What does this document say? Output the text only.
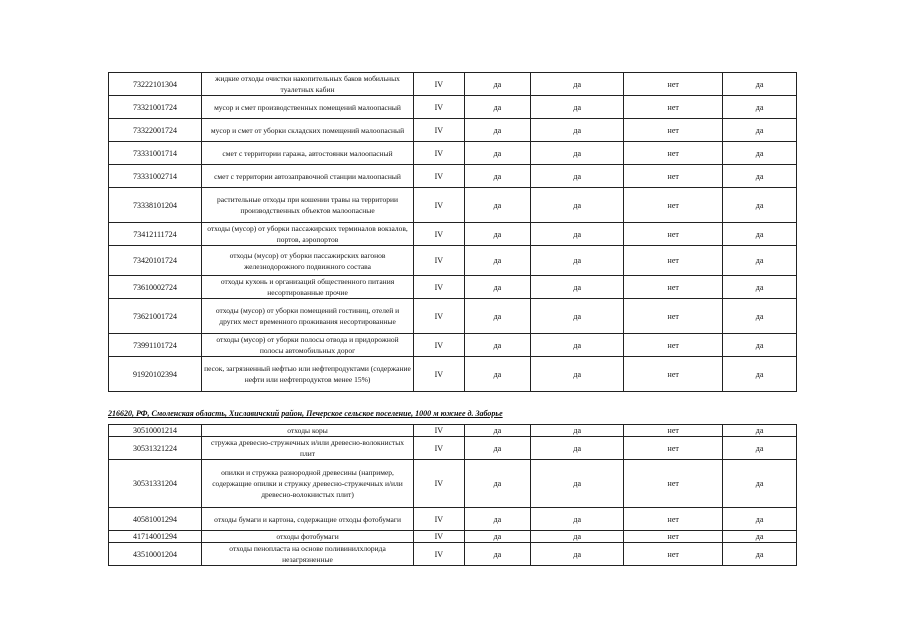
73222101304	жидкие отходы очистки накопительных баков мобильных туалетных кабин	IV	да	да	нет	да
73321001724	мусор и смет производственных помещений малоопасный	IV	да	да	нет	да
73322001724	мусор и смет от уборки складских помещений малоопасный	IV	да	да	нет	да
73331001714	смет с территории гаража, автостоянки малоопасный	IV	да	да	нет	да
73331002714	смет с территории автозаправочной станции малоопасный	IV	да	да	нет	да
73338101204	растительные отходы при кошении травы на территории производственных объектов малоопасные	IV	да	да	нет	да
73412111724	отходы (мусор) от уборки пассажирских терминалов вокзалов, портов, аэропортов	IV	да	да	нет	да
73420101724	отходы (мусор) от уборки пассажирских вагонов железнодорожного подвижного состава	IV	да	да	нет	да
73610002724	отходы кухонь и организаций общественного питания несортированные прочие	IV	да	да	нет	да
73621001724	отходы (мусор) от уборки помещений гостиниц, отелей и других мест временного проживания несортированные	IV	да	да	нет	да
73991101724	отходы (мусор) от уборки полосы отвода и придорожной полосы автомобильных дорог	IV	да	да	нет	да
91920102394	песок, загрязненный нефтью или нефтепродуктами (содержание нефти или нефтепродуктов менее 15%)	IV	да	да	нет	да
216620, РФ, Смоленская область, Хиславичский район, Печерское сельское поселение, 1000 м южнее д. Заборье
30510001214	отходы коры	IV	да	да	нет	да
30531321224	стружка древесно-стружечных и/или древесно-волокнистых плит	IV	да	да	нет	да
30531331204	опилки и стружка разнородной древесины (например, содержащие опилки и стружку древесно-стружечных и/или древесно-волокнистых плит)	IV	да	да	нет	да
40581001294	отходы бумаги и картона, содержащие отходы фотобумаги	IV	да	да	нет	да
41714001294	отходы фотобумаги	IV	да	да	нет	да
43510001204	отходы пенопласта на основе поливинилхлорида незагрязненные	IV	да	да	нет	да
